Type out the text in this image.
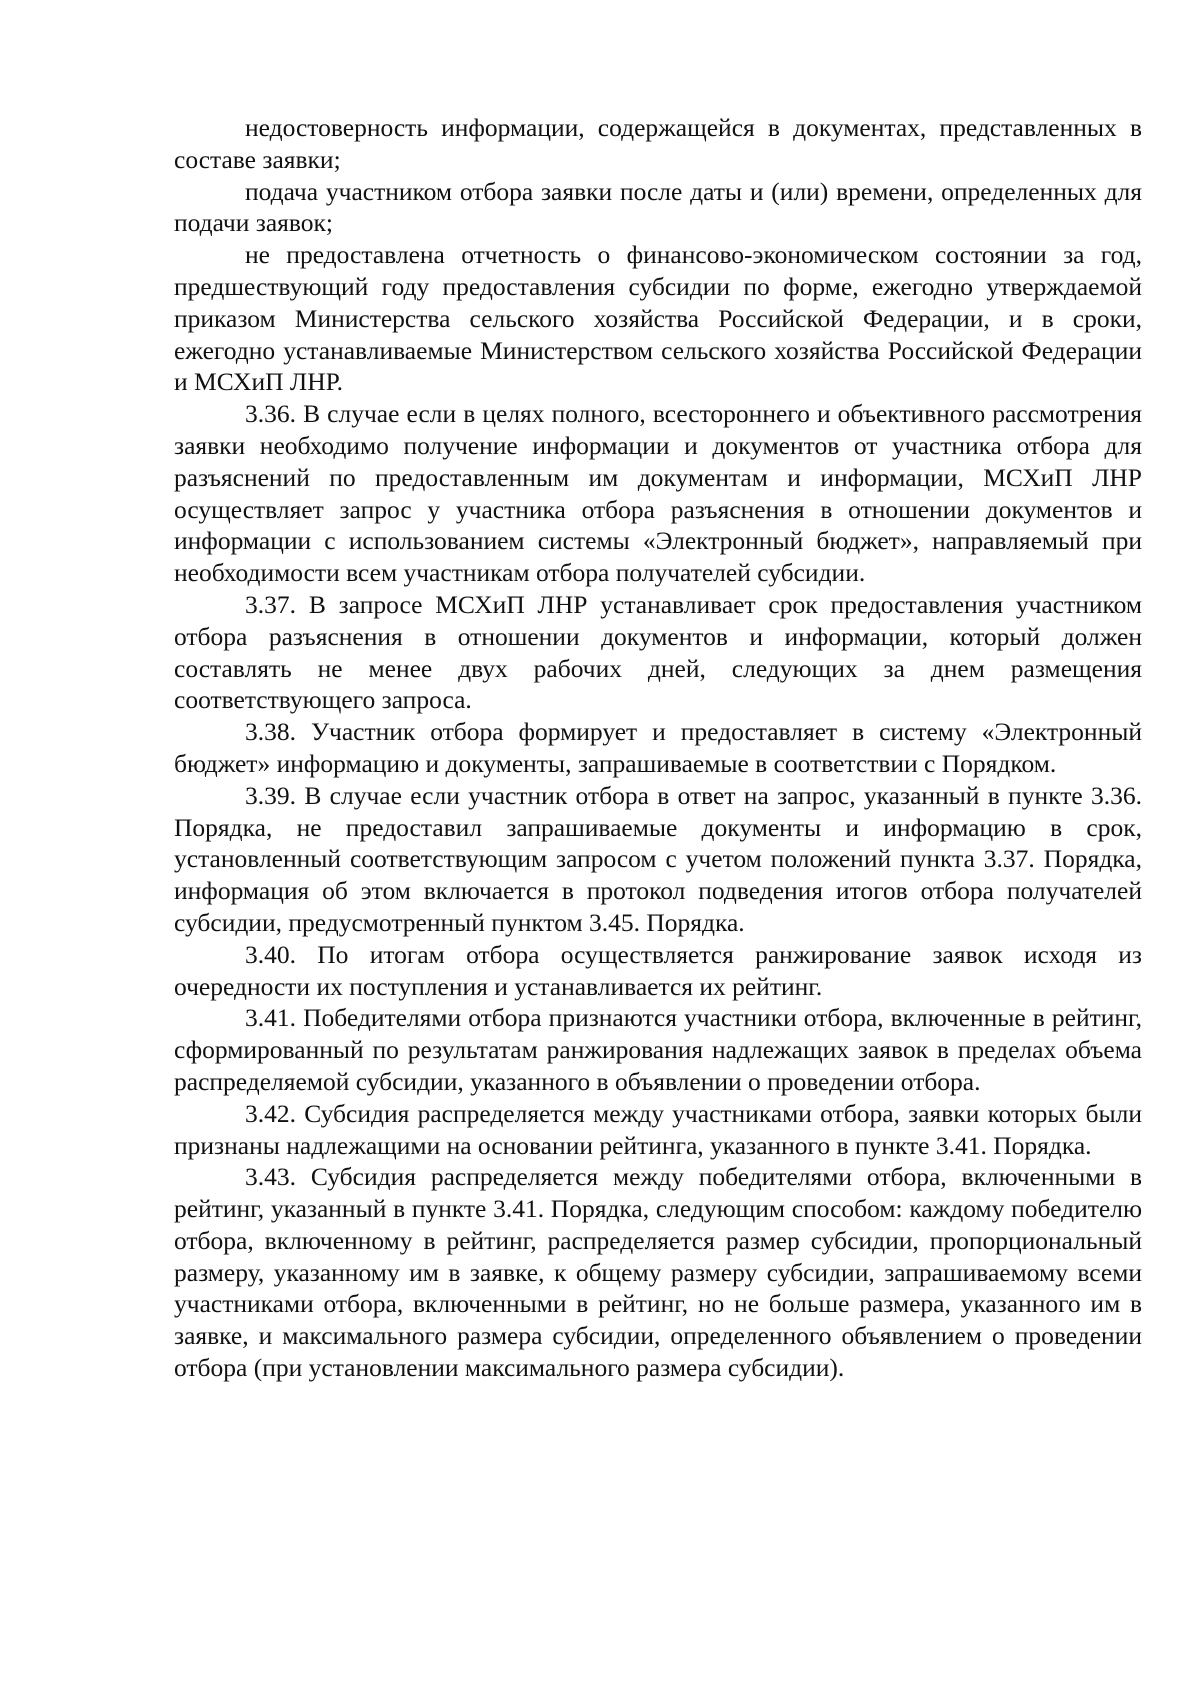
недостоверность информации, содержащейся в документах, представленных в составе заявки;

подача участником отбора заявки после даты и (или) времени, определенных для подачи заявок;

не предоставлена отчетность о финансово-экономическом состоянии за год, предшествующий году предоставления субсидии по форме, ежегодно утверждаемой приказом Министерства сельского хозяйства Российской Федерации, и в сроки, ежегодно устанавливаемые Министерством сельского хозяйства Российской Федерации и МСХиП ЛНР.

3.36. В случае если в целях полного, всестороннего и объективного рассмотрения заявки необходимо получение информации и документов от участника отбора для разъяснений по предоставленным им документам и информации, МСХиП ЛНР осуществляет запрос у участника отбора разъяснения в отношении документов и информации с использованием системы «Электронный бюджет», направляемый при необходимости всем участникам отбора получателей субсидии.

3.37. В запросе МСХиП ЛНР устанавливает срок предоставления участником отбора разъяснения в отношении документов и информации, который должен составлять не менее двух рабочих дней, следующих за днем размещения соответствующего запроса.

3.38. Участник отбора формирует и предоставляет в систему «Электронный бюджет» информацию и документы, запрашиваемые в соответствии с Порядком.

3.39. В случае если участник отбора в ответ на запрос, указанный в пункте 3.36. Порядка, не предоставил запрашиваемые документы и информацию в срок, установленный соответствующим запросом с учетом положений пункта 3.37. Порядка, информация об этом включается в протокол подведения итогов отбора получателей субсидии, предусмотренный пунктом 3.45. Порядка.

3.40. По итогам отбора осуществляется ранжирование заявок исходя из очередности их поступления и устанавливается их рейтинг.

3.41. Победителями отбора признаются участники отбора, включенные в рейтинг, сформированный по результатам ранжирования надлежащих заявок в пределах объема распределяемой субсидии, указанного в объявлении о проведении отбора.

3.42. Субсидия распределяется между участниками отбора, заявки которых были признаны надлежащими на основании рейтинга, указанного в пункте 3.41. Порядка.

3.43. Субсидия распределяется между победителями отбора, включенными в рейтинг, указанный в пункте 3.41. Порядка, следующим способом: каждому победителю отбора, включенному в рейтинг, распределяется размер субсидии, пропорциональный размеру, указанному им в заявке, к общему размеру субсидии, запрашиваемому всеми участниками отбора, включенными в рейтинг, но не больше размера, указанного им в заявке, и максимального размера субсидии, определенного объявлением о проведении отбора (при установлении максимального размера субсидии).
